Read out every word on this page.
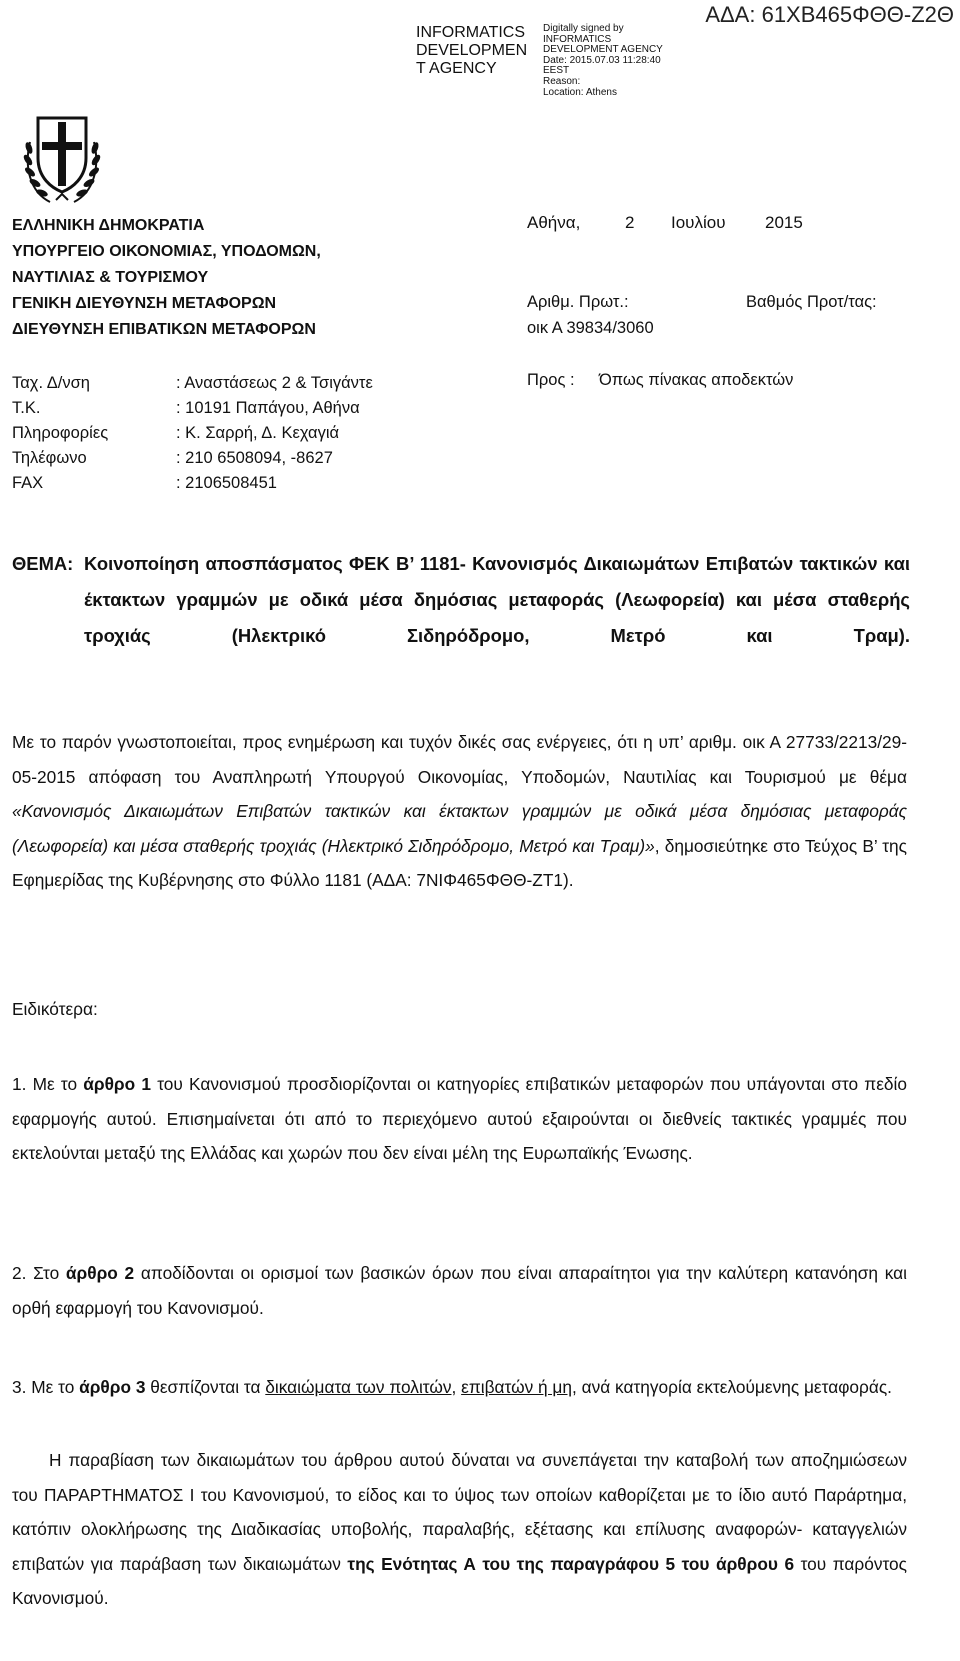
ΑΔΑ: 61ΧΒ465ΦΘΘ-Ζ2Θ
INFORMATICS DEVELOPMEN T AGENCY
Digitally signed by
INFORMATICS
DEVELOPMENT AGENCY
Date: 2015.07.03 11:28:40
EEST
Reason:
Location: Athens
ΕΛΛΗΝΙΚΗ ΔΗΜΟΚΡΑΤΙΑ
ΥΠΟΥΡΓΕΙΟ ΟΙΚΟΝΟΜΙΑΣ, ΥΠΟΔΟΜΩΝ,
ΝΑΥΤΙΛΙΑΣ & ΤΟΥΡΙΣΜΟΥ
ΓΕΝΙΚΗ ΔΙΕΥΘΥΝΣΗ ΜΕΤΑΦΟΡΩΝ
ΔΙΕΥΘΥΝΣΗ ΕΠΙΒΑΤΙΚΩΝ ΜΕΤΑΦΟΡΩΝ
Αθήνα,	2 Ιουλίου 2015
Αριθμ. Πρωτ.:
οικ Α 39834/3060
Βαθμός Προτ/τας:
Ταχ. Δ/νση	: Αναστάσεως 2 & Τσιγάντε
Τ.Κ.	: 10191 Παπάγου, Αθήνα
Πληροφορίες	: Κ. Σαρρή, Δ. Κεχαγιά
Τηλέφωνο	: 210 6508094, -8627
FAX	: 2106508451
Προς : Όπως πίνακας αποδεκτών
ΘΕΜΑ: Κοινοποίηση αποσπάσματος ΦΕΚ Β’ 1181- Κανονισμός Δικαιωμάτων Επιβατών τακτικών και έκτακτων γραμμών με οδικά μέσα δημόσιας μεταφοράς (Λεωφορεία) και μέσα σταθερής τροχιάς (Ηλεκτρικό Σιδηρόδρομο, Μετρό και Τραμ).
Με το παρόν γνωστοποιείται, προς ενημέρωση και τυχόν δικές σας ενέργειες, ότι η υπ’ αριθμ. οικ Α 27733/2213/29-05-2015 απόφαση του Αναπληρωτή Υπουργού Οικονομίας, Υποδομών, Ναυτιλίας και Τουρισμού με θέμα «Κανονισμός Δικαιωμάτων Επιβατών τακτικών και έκτακτων γραμμών με οδικά μέσα δημόσιας μεταφοράς (Λεωφορεία) και μέσα σταθερής τροχιάς (Ηλεκτρικό Σιδηρόδρομο, Μετρό και Τραμ)», δημοσιεύτηκε στο Τεύχος Β’ της Εφημερίδας της Κυβέρνησης στο Φύλλο 1181 (ΑΔΑ: 7ΝΙΦ465ΦΘΘ-ΖΤ1).
Ειδικότερα:
1. Με το άρθρο 1 του Κανονισμού προσδιορίζονται οι κατηγορίες επιβατικών μεταφορών που υπάγονται στο πεδίο εφαρμογής αυτού. Επισημαίνεται ότι από το περιεχόμενο αυτού εξαιρούνται οι διεθνείς τακτικές γραμμές που εκτελούνται μεταξύ της Ελλάδας και χωρών που δεν είναι μέλη της Ευρωπαϊκής Ένωσης.
2. Στο άρθρο 2 αποδίδονται οι ορισμοί των βασικών όρων που είναι απαραίτητοι για την καλύτερη κατανόηση και ορθή εφαρμογή του Κανονισμού.
3. Με το άρθρο 3 θεσπίζονται τα δικαιώματα των πολιτών, επιβατών ή μη, ανά κατηγορία εκτελούμενης μεταφοράς.
Η παραβίαση των δικαιωμάτων του άρθρου αυτού δύναται να συνεπάγεται την καταβολή των αποζημιώσεων του ΠΑΡΑΡΤΗΜΑΤΟΣ Ι του Κανονισμού, το είδος και το ύψος των οποίων καθορίζεται με το ίδιο αυτό Παράρτημα, κατόπιν ολοκλήρωσης της Διαδικασίας υποβολής, παραλαβής, εξέτασης και επίλυσης αναφορών- καταγγελιών επιβατών για παράβαση των δικαιωμάτων της Ενότητας Α του της παραγράφου 5 του άρθρου 6 του παρόντος Κανονισμού.
